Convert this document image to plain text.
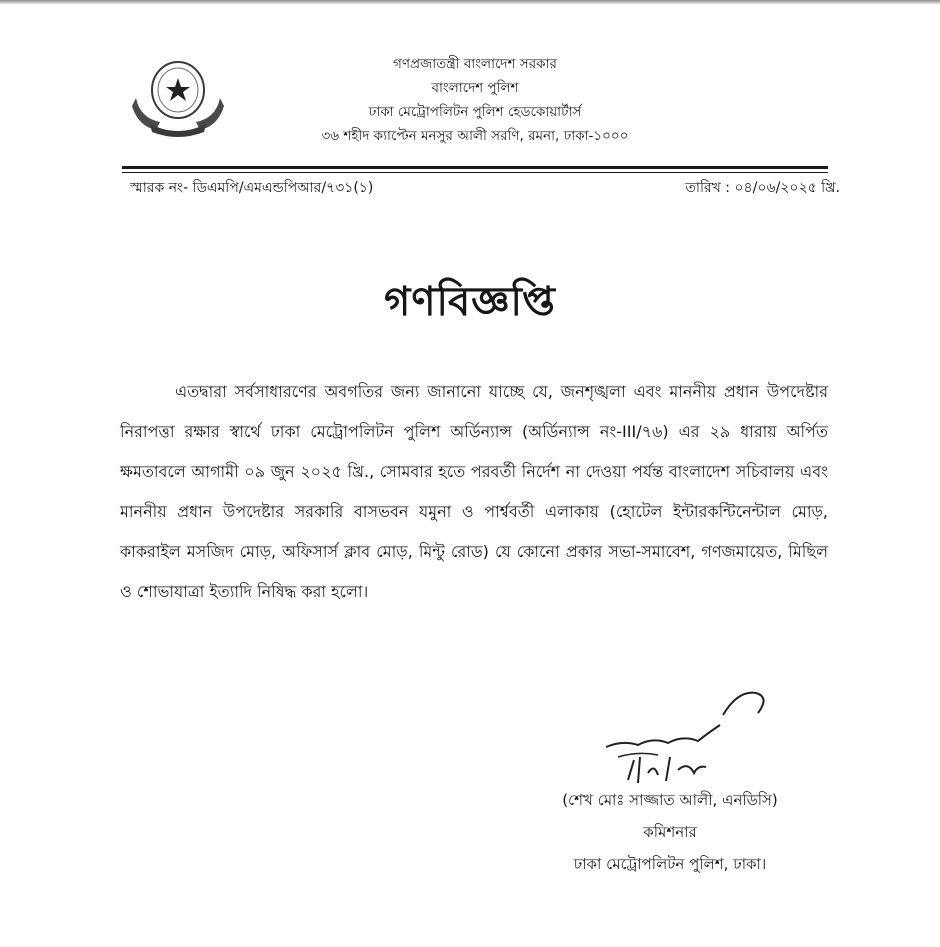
গণপ্রজাতন্ত্রী বাংলাদেশ সরকার
বাংলাদেশ পুলিশ
ঢাকা মেট্রোপলিটন পুলিশ হেডকোয়ার্টার্স
৩৬ শহীদ ক্যাপ্টেন মনসুর আলী সরণি, রমনা, ঢাকা-১০০০
স্মারক নং- ডিএমপি/এমএন্ডপিআর/৭৩১(১)	তারিখ : ০৪/০৬/২০২৫ খ্রি.
গণবিজ্ঞপ্তি
এতদ্বারা সর্বসাধারণের অবগতির জন্য জানানো যাচ্ছে যে, জনশৃঙ্খলা এবং মাননীয় প্রধান উপদেষ্টার নিরাপত্তা রক্ষার স্বার্থে ঢাকা মেট্রোপলিটন পুলিশ অর্ডিন্যান্স (অর্ডিন্যান্স নং-III/৭৬) এর ২৯ ধারায় অর্পিত ক্ষমতাবলে আগামী ০৯ জুন ২০২৫ খ্রি., সোমবার হতে পরবর্তী নির্দেশ না দেওয়া পর্যন্ত বাংলাদেশ সচিবালয় এবং মাননীয় প্রধান উপদেষ্টার সরকারি বাসভবন যমুনা ও পার্শ্ববর্তী এলাকায় (হোটেল ইন্টারকন্টিনেন্টাল মোড়, কাকরাইল মসজিদ মোড়, অফিসার্স ক্লাব মোড়, মিন্টু রোড) যে কোনো প্রকার সভা-সমাবেশ, গণজমায়েত, মিছিল ও শোভাযাত্রা ইত্যাদি নিষিদ্ধ করা হলো।
(শেখ মোঃ সাজ্জাত আলী, এনডিসি)
কমিশনার
ঢাকা মেট্রোপলিটন পুলিশ, ঢাকা।
